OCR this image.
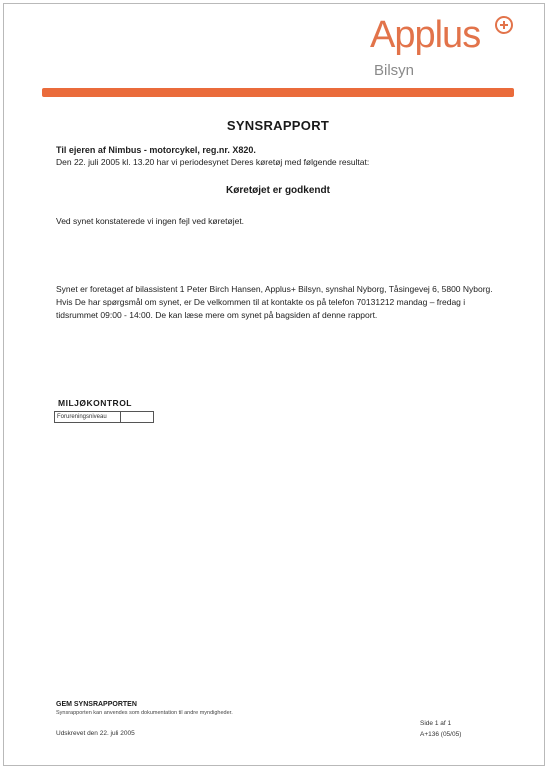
Applus
Bilsyn
SYNSRAPPORT
Til ejeren af Nimbus - motorcykel, reg.nr. X820.
Den 22. juli 2005 kl. 13.20 har vi periodesynet Deres køretøj med følgende resultat:
Køretøjet er godkendt
Ved synet konstaterede vi ingen fejl ved køretøjet.
Synet er foretaget af bilassistent 1 Peter Birch Hansen, Applus+ Bilsyn, synshal Nyborg, Tåsingevej 6, 5800 Nyborg. Hvis De har spørgsmål om synet, er De velkommen til at kontakte os på telefon 70131212 mandag – fredag i tidsrummet 09:00 - 14:00. De kan læse mere om synet på bagsiden af denne rapport.
MILJØKONTROL
Forureningsniveau
GEM SYNSRAPPORTEN
Synsrapporten kan anvendes som dokumentation til andre myndigheder.
Udskrevet den 22. juli 2005
Side 1 af 1
A+136 (05/05)
